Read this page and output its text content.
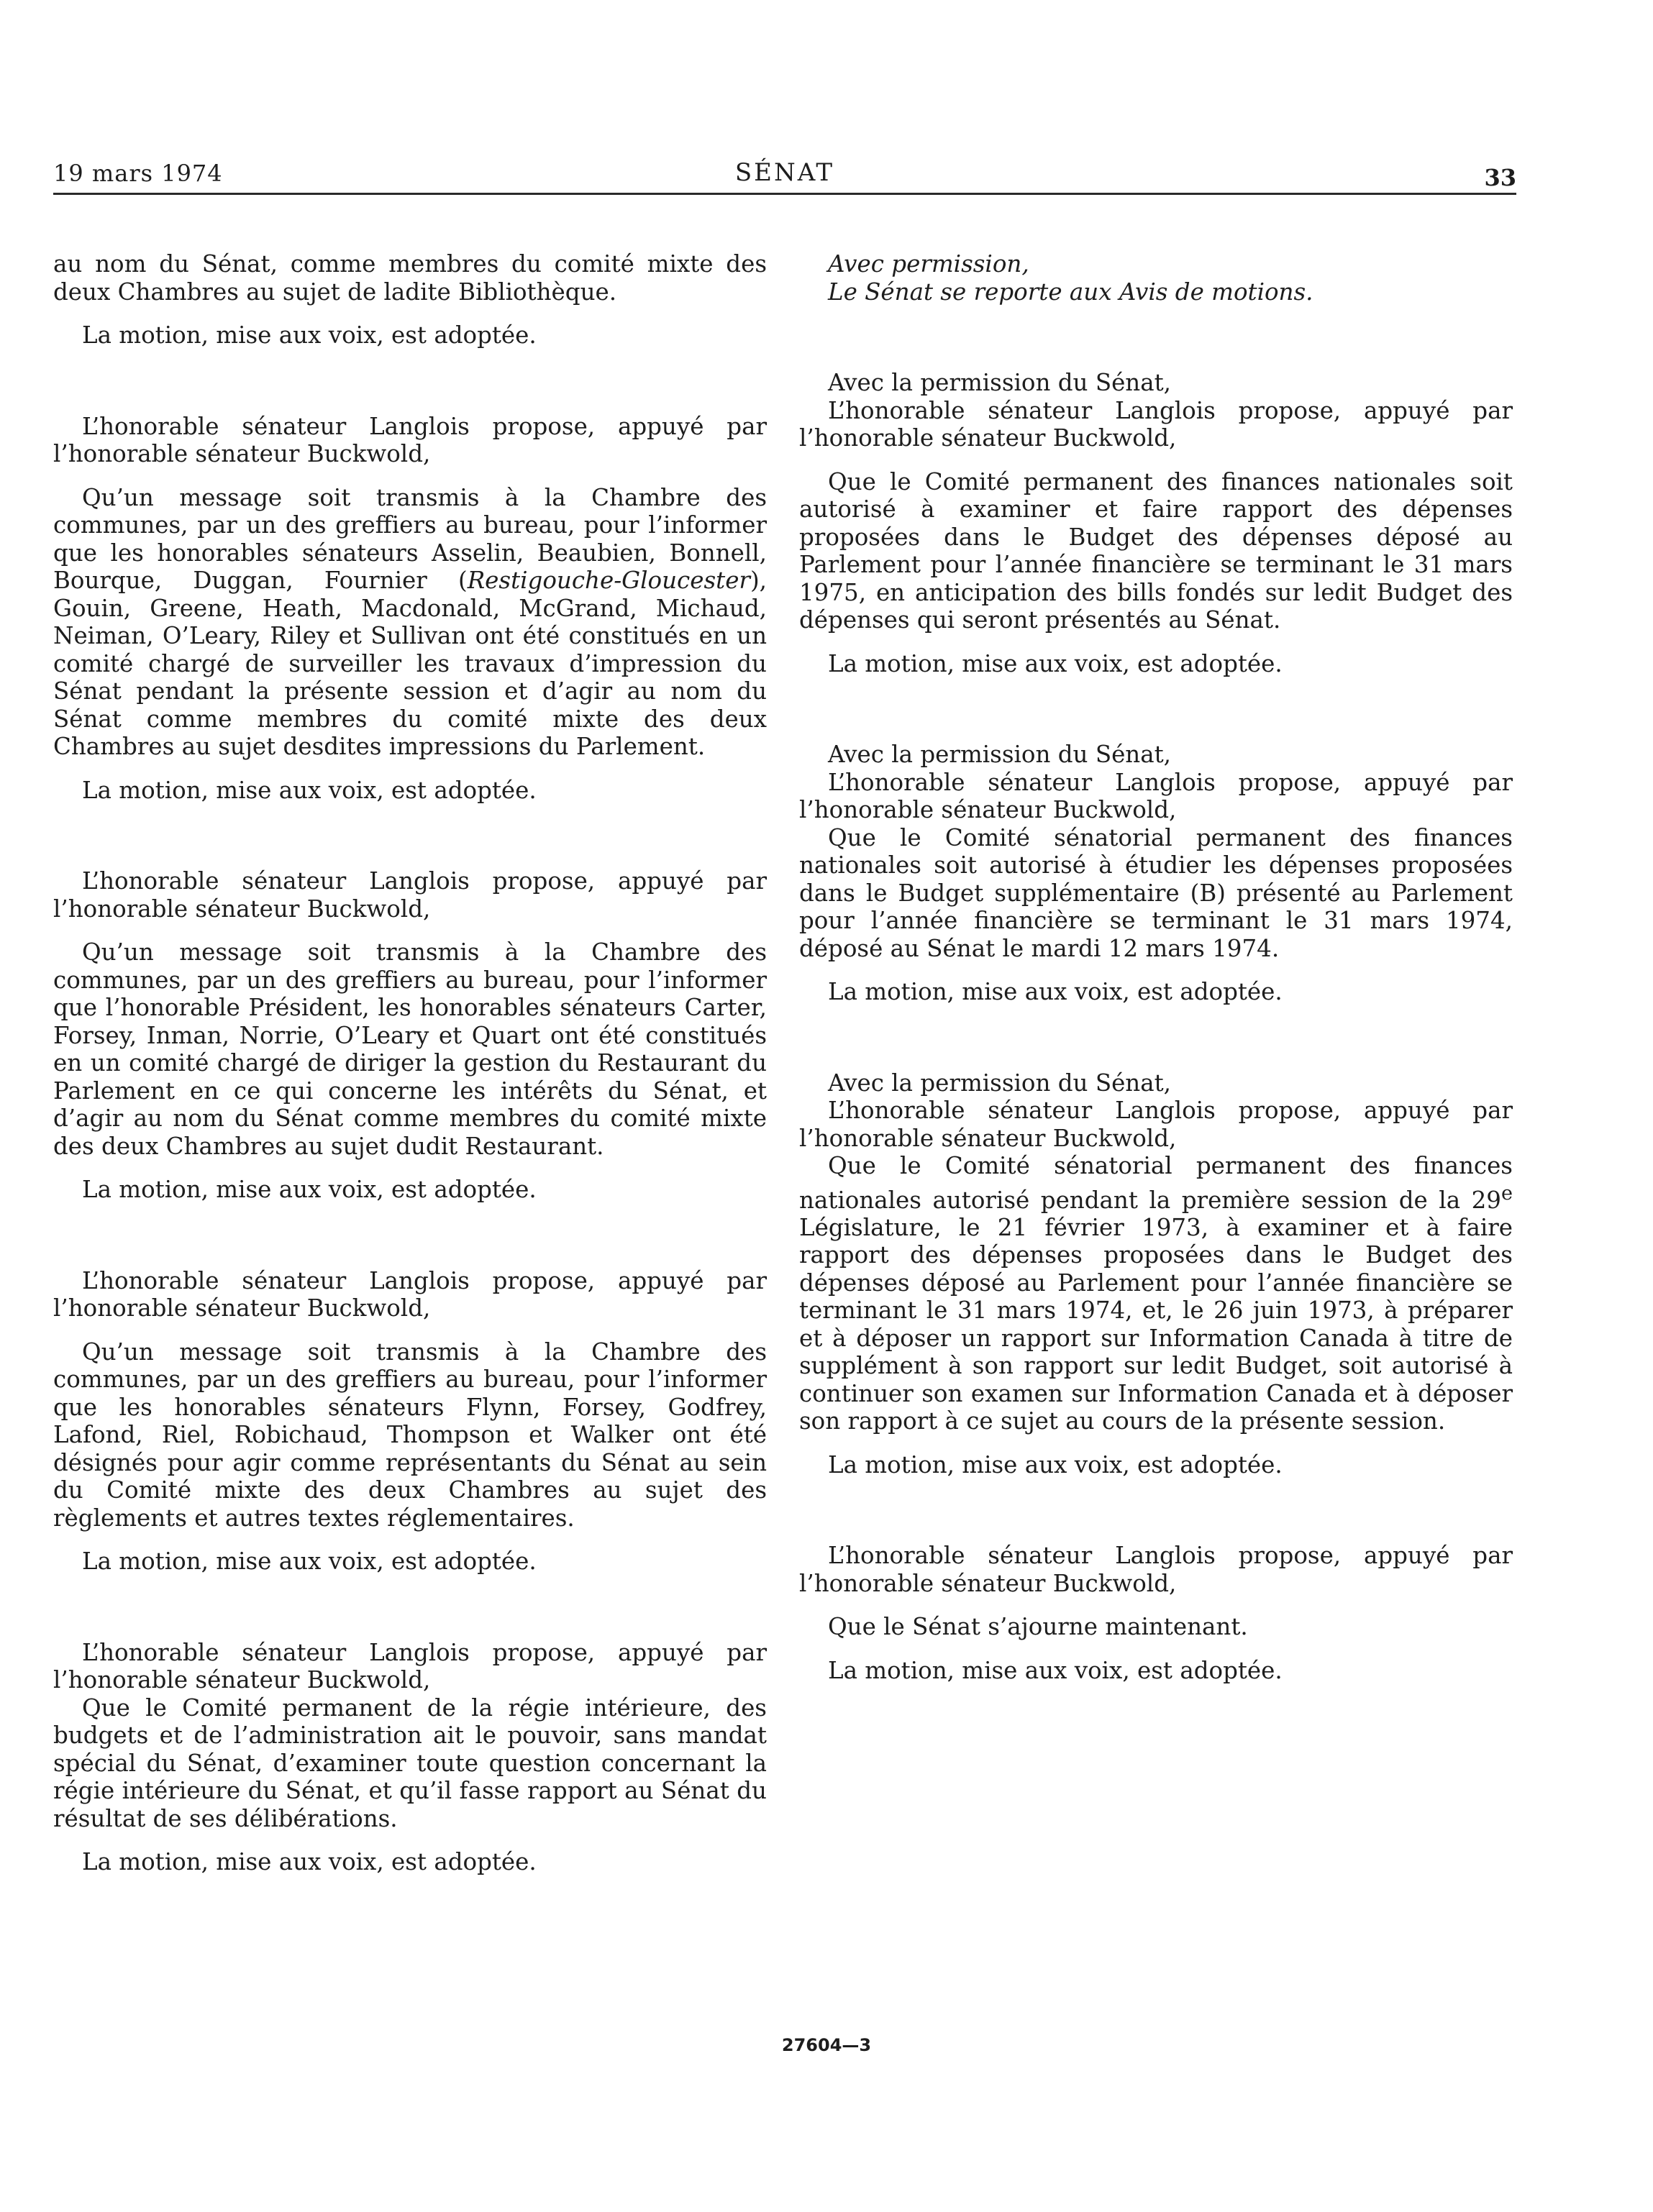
19 mars 1974	SÉNAT	33

au nom du Sénat, comme membres du comité mixte des deux Chambres au sujet de ladite Bibliothèque.

La motion, mise aux voix, est adoptée.

L’honorable sénateur Langlois propose, appuyé par l’honorable sénateur Buckwold,

Qu’un message soit transmis à la Chambre des communes, par un des greffiers au bureau, pour l’informer que les honorables sénateurs Asselin, Beaubien, Bonnell, Bourque, Duggan, Fournier (Restigouche-Gloucester), Gouin, Greene, Heath, Macdonald, McGrand, Michaud, Neiman, O’Leary, Riley et Sullivan ont été constitués en un comité chargé de surveiller les travaux d’impression du Sénat pendant la présente session et d’agir au nom du Sénat comme membres du comité mixte des deux Chambres au sujet desdites impressions du Parlement.

La motion, mise aux voix, est adoptée.

L’honorable sénateur Langlois propose, appuyé par l’honorable sénateur Buckwold,

Qu’un message soit transmis à la Chambre des communes, par un des greffiers au bureau, pour l’informer que l’honorable Président, les honorables sénateurs Carter, Forsey, Inman, Norrie, O’Leary et Quart ont été constitués en un comité chargé de diriger la gestion du Restaurant du Parlement en ce qui concerne les intérêts du Sénat, et d’agir au nom du Sénat comme membres du comité mixte des deux Chambres au sujet dudit Restaurant.

La motion, mise aux voix, est adoptée.

L’honorable sénateur Langlois propose, appuyé par l’honorable sénateur Buckwold,

Qu’un message soit transmis à la Chambre des communes, par un des greffiers au bureau, pour l’informer que les honorables sénateurs Flynn, Forsey, Godfrey, Lafond, Riel, Robichaud, Thompson et Walker ont été désignés pour agir comme représentants du Sénat au sein du Comité mixte des deux Chambres au sujet des règlements et autres textes réglementaires.

La motion, mise aux voix, est adoptée.

L’honorable sénateur Langlois propose, appuyé par l’honorable sénateur Buckwold,

Que le Comité permanent de la régie intérieure, des budgets et de l’administration ait le pouvoir, sans mandat spécial du Sénat, d’examiner toute question concernant la régie intérieure du Sénat, et qu’il fasse rapport au Sénat du résultat de ses délibérations.

La motion, mise aux voix, est adoptée.

Avec permission,

Le Sénat se reporte aux Avis de motions.

Avec la permission du Sénat,

L’honorable sénateur Langlois propose, appuyé par l’honorable sénateur Buckwold,

Que le Comité permanent des finances nationales soit autorisé à examiner et faire rapport des dépenses proposées dans le Budget des dépenses déposé au Parlement pour l’année financière se terminant le 31 mars 1975, en anticipation des bills fondés sur ledit Budget des dépenses qui seront présentés au Sénat.

La motion, mise aux voix, est adoptée.

Avec la permission du Sénat,

L’honorable sénateur Langlois propose, appuyé par l’honorable sénateur Buckwold,

Que le Comité sénatorial permanent des finances nationales soit autorisé à étudier les dépenses proposées dans le Budget supplémentaire (B) présenté au Parlement pour l’année financière se terminant le 31 mars 1974, déposé au Sénat le mardi 12 mars 1974.

La motion, mise aux voix, est adoptée.

Avec la permission du Sénat,

L’honorable sénateur Langlois propose, appuyé par l’honorable sénateur Buckwold,

Que le Comité sénatorial permanent des finances nationales autorisé pendant la première session de la 29e Législature, le 21 février 1973, à examiner et à faire rapport des dépenses proposées dans le Budget des dépenses déposé au Parlement pour l’année financière se terminant le 31 mars 1974, et, le 26 juin 1973, à préparer et à déposer un rapport sur Information Canada à titre de supplément à son rapport sur ledit Budget, soit autorisé à continuer son examen sur Information Canada et à déposer son rapport à ce sujet au cours de la présente session.

La motion, mise aux voix, est adoptée.

L’honorable sénateur Langlois propose, appuyé par l’honorable sénateur Buckwold,

Que le Sénat s’ajourne maintenant.

La motion, mise aux voix, est adoptée.

27604—3
